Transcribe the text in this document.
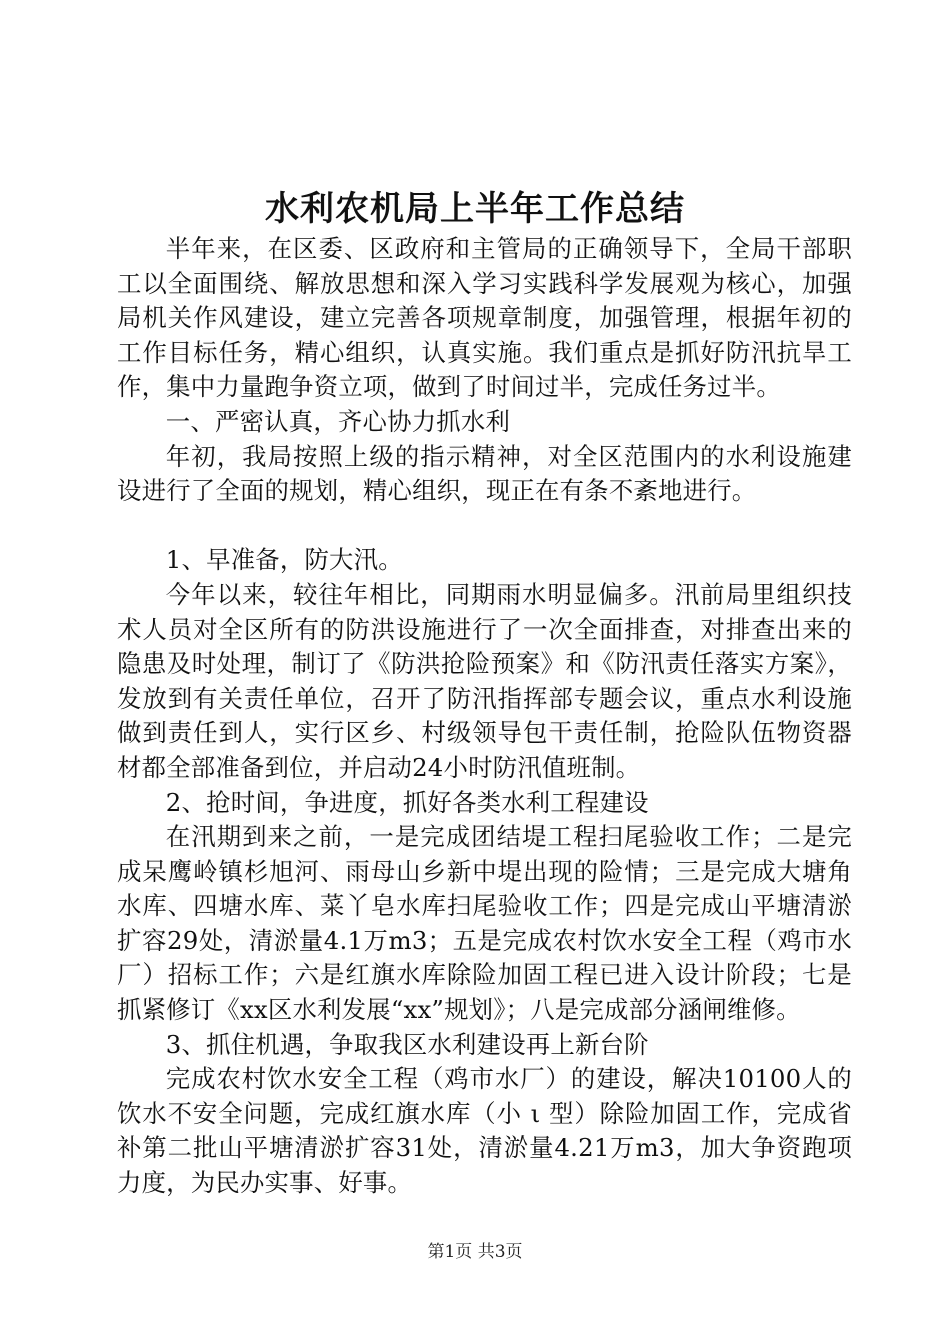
水利农机局上半年工作总结

半年来，在区委、区政府和主管局的正确领导下，全局干部职工以全面围绕、解放思想和深入学习实践科学发展观为核心，加强局机关作风建设，建立完善各项规章制度，加强管理，根据年初的工作目标任务，精心组织，认真实施。我们重点是抓好防汛抗旱工作，集中力量跑争资立项，做到了时间过半，完成任务过半。

一、严密认真，齐心协力抓水利

年初，我局按照上级的指示精神，对全区范围内的水利设施建设进行了全面的规划，精心组织，现正在有条不紊地进行。

1、早准备，防大汛。

今年以来，较往年相比，同期雨水明显偏多。汛前局里组织技术人员对全区所有的防洪设施进行了一次全面排查，对排查出来的隐患及时处理，制订了《防洪抢险预案》和《防汛责任落实方案》，发放到有关责任单位，召开了防汛指挥部专题会议，重点水利设施做到责任到人，实行区乡、村级领导包干责任制，抢险队伍物资器材都全部准备到位，并启动24小时防汛值班制。

2、抢时间，争进度，抓好各类水利工程建设

在汛期到来之前，一是完成团结堤工程扫尾验收工作；二是完成呆鹰岭镇杉旭河、雨母山乡新中堤出现的险情；三是完成大塘角水库、四塘水库、菜丫皂水库扫尾验收工作；四是完成山平塘清淤扩容29处，清淤量4.1万m3；五是完成农村饮水安全工程（鸡市水厂）招标工作；六是红旗水库除险加固工程已进入设计阶段；七是抓紧修订《xx区水利发展“xx”规划》；八是完成部分涵闸维修。

3、抓住机遇，争取我区水利建设再上新台阶

完成农村饮水安全工程（鸡市水厂）的建设，解决10100人的饮水不安全问题，完成红旗水库（小 ι 型）除险加固工作，完成省补第二批山平塘清淤扩容31处，清淤量4.21万m3，加大争资跑项力度，为民办实事、好事。

第1页 共3页
